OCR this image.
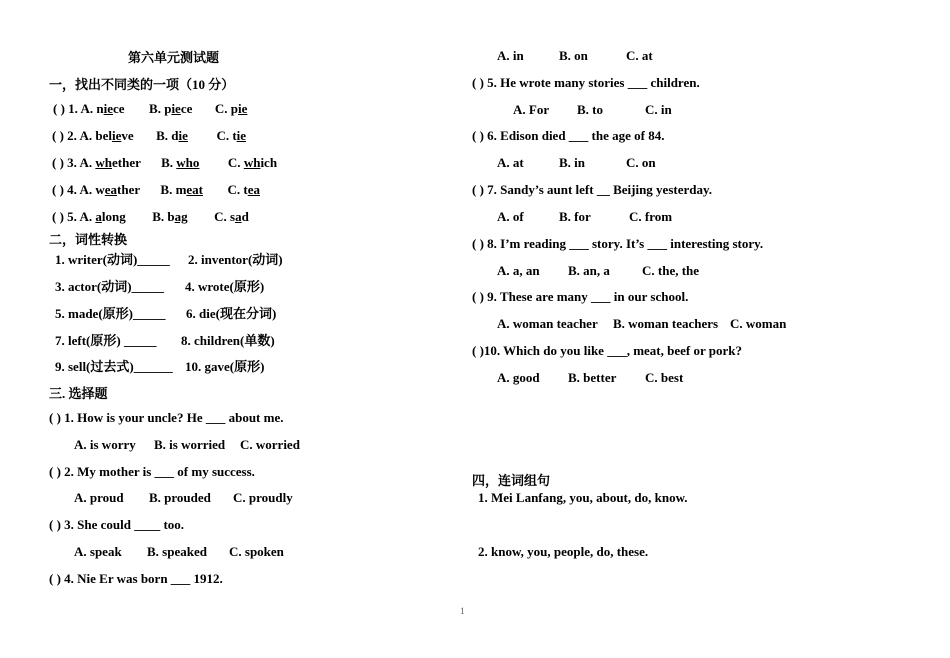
第六单元测试题
一，找出不同类的一项（10 分）
( ) 1. A. niece B. piece C. pie
( ) 2. A. believe B. die C. tie
( ) 3. A. whether B. who C. which
( ) 4. A. weather B. meat C. tea
( ) 5. A. along B. bag C. sad
二，词性转换
1. writer(动词)_____ 2. inventor(动词)
3. actor(动词)_____ 4. wrote(原形)
5. made(原形)_____ 6. die(现在分词)
7. left(原形) _____ 8. children(单数)
9. sell(过去式)______ 10. gave(原形)
三. 选择题
( ) 1. How is your uncle? He ___ about me.
A. is worry B. is worried C. worried
( ) 2. My mother is ___ of my success.
A. proud B. prouded C. proudly
( ) 3. She could ____ too.
A. speak B. speaked C. spoken
( ) 4. Nie Er was born ___ 1912.
A. in	B. on	C. at
( ) 5. He wrote many stories ___ children.
A. For B. to	C. in
( ) 6. Edison died ___ the age of 84.
A. at	B. in	C. on
( ) 7. Sandy’s aunt left __ Beijing yesterday.
A. of	B. for	C. from
( ) 8. I’m reading ___ story. It’s ___ interesting story.
A. a, an B. an, a C. the, the
( ) 9. These are many ___ in our school.
A. woman teacher B. woman teachers C. woman
( )10. Which do you like ___, meat, beef or pork?
A. good B. better C. best
四，连词组句
1. Mei Lanfang, you, about, do, know.
2. know, you, people, do, these.
1
